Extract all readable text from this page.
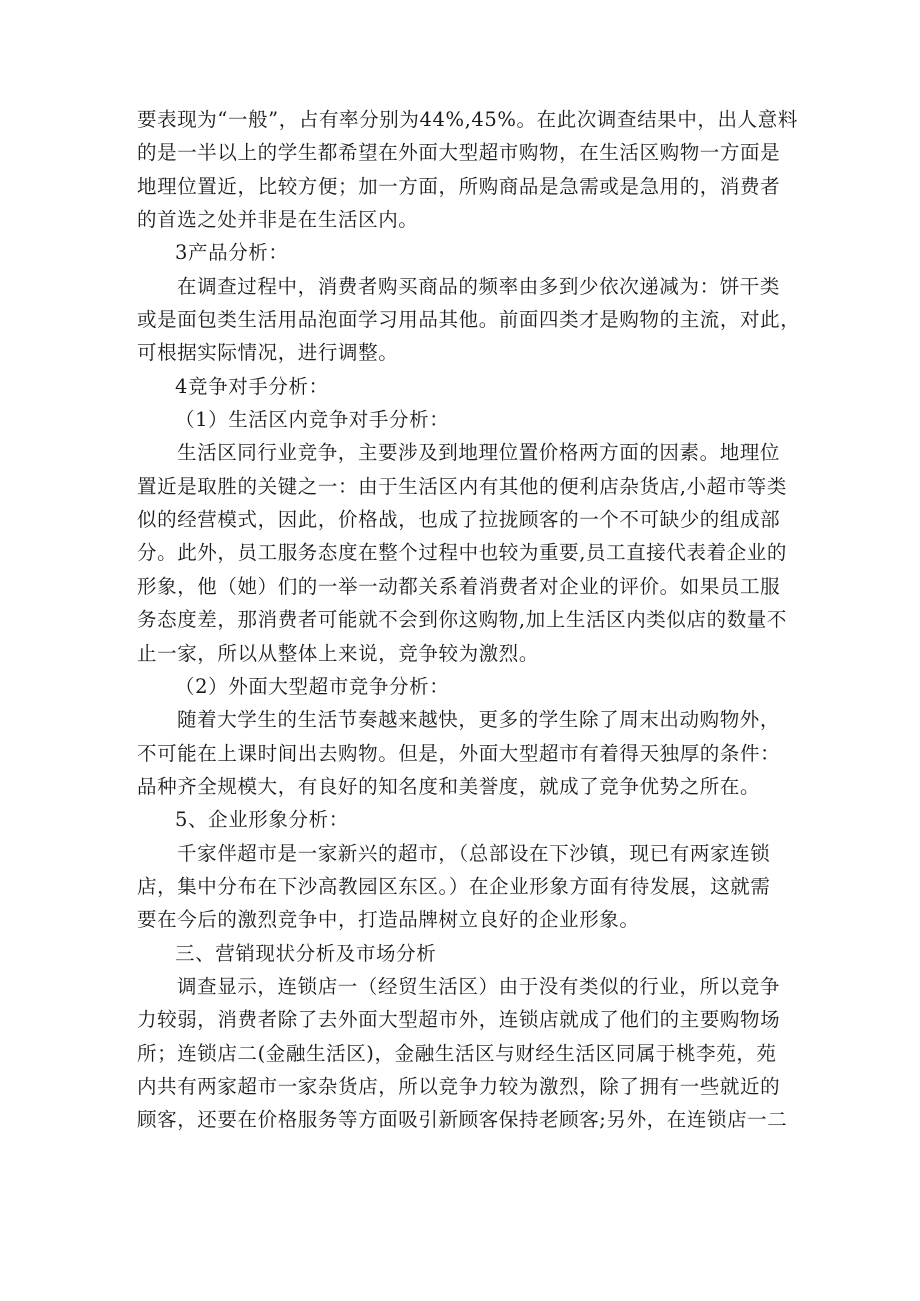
要表现为“一般”，占有率分别为44%,45%。在此次调查结果中，出人意料
的是一半以上的学生都希望在外面大型超市购物，在生活区购物一方面是
地理位置近，比较方便；加一方面，所购商品是急需或是急用的，消费者
的首选之处并非是在生活区内。
3产品分析：
在调查过程中，消费者购买商品的频率由多到少依次递减为：饼干类
或是面包类生活用品泡面学习用品其他。前面四类才是购物的主流，对此，
可根据实际情况，进行调整。
4竞争对手分析：
（1）生活区内竞争对手分析：
生活区同行业竞争，主要涉及到地理位置价格两方面的因素。地理位
置近是取胜的关键之一：由于生活区内有其他的便利店杂货店,小超市等类
似的经营模式，因此，价格战，也成了拉拢顾客的一个不可缺少的组成部
分。此外，员工服务态度在整个过程中也较为重要,员工直接代表着企业的
形象，他（她）们的一举一动都关系着消费者对企业的评价。如果员工服
务态度差，那消费者可能就不会到你这购物,加上生活区内类似店的数量不
止一家，所以从整体上来说，竞争较为激烈。
（2）外面大型超市竞争分析：
随着大学生的生活节奏越来越快，更多的学生除了周末出动购物外，
不可能在上课时间出去购物。但是，外面大型超市有着得天独厚的条件：
品种齐全规模大，有良好的知名度和美誉度，就成了竞争优势之所在。
5、企业形象分析：
千家伴超市是一家新兴的超市，（总部设在下沙镇，现已有两家连锁
店，集中分布在下沙高教园区东区。）在企业形象方面有待发展，这就需
要在今后的激烈竞争中，打造品牌树立良好的企业形象。
三、营销现状分析及市场分析
调查显示，连锁店一（经贸生活区）由于没有类似的行业，所以竞争
力较弱，消费者除了去外面大型超市外，连锁店就成了他们的主要购物场
所；连锁店二(金融生活区)，金融生活区与财经生活区同属于桃李苑，苑
内共有两家超市一家杂货店，所以竞争力较为激烈，除了拥有一些就近的
顾客，还要在价格服务等方面吸引新顾客保持老顾客;另外，在连锁店一二
